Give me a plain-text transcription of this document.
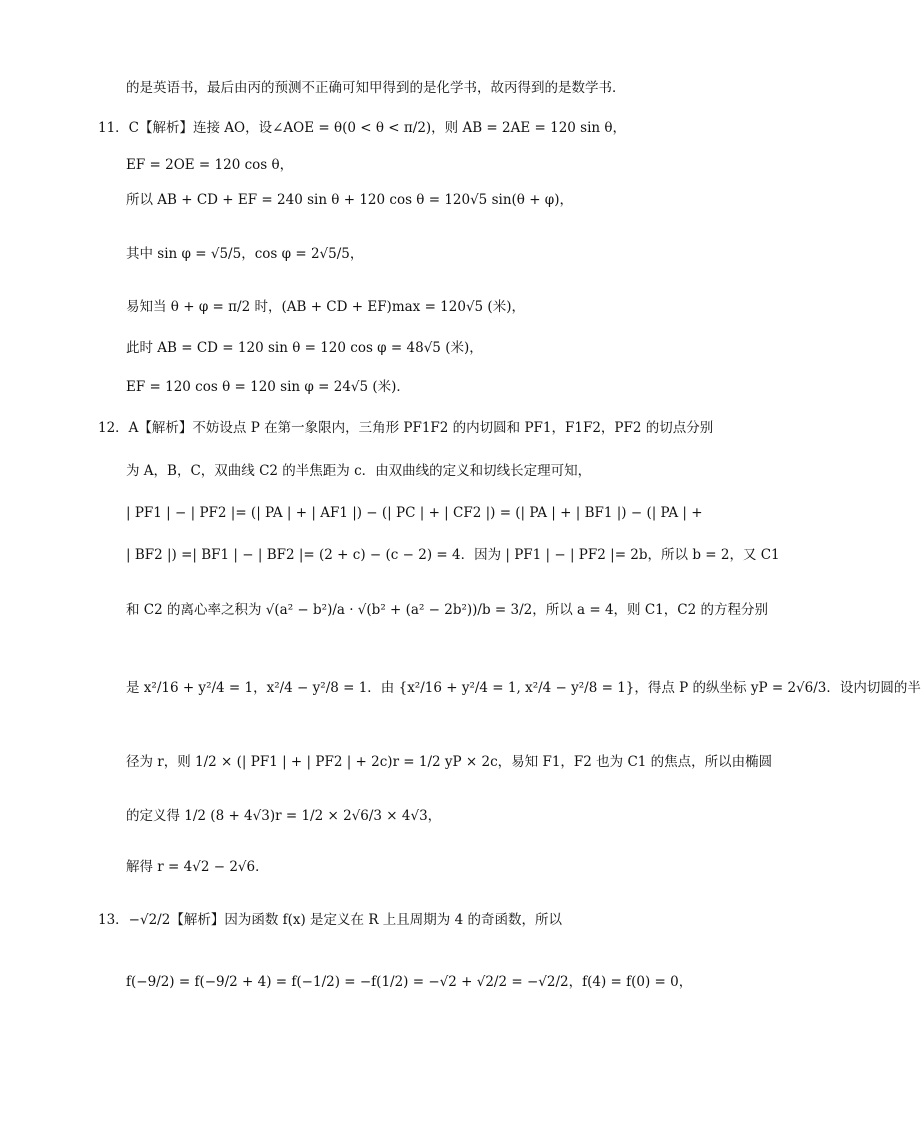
的是英语书，最后由丙的预测不正确可知甲得到的是化学书，故丙得到的是数学书．
11．C【解析】连接 AO，设∠AOE = θ(0 < θ < π/2)，则 AB = 2AE = 120 sin θ，
EF = 2OE = 120 cos θ，
所以 AB + CD + EF = 240 sin θ + 120 cos θ = 120√5 sin(θ + φ)，
其中 sin φ = √5/5，cos φ = 2√5/5，
易知当 θ + φ = π/2 时，(AB + CD + EF)max = 120√5 (米)，
此时 AB = CD = 120 sin θ = 120 cos φ = 48√5 (米)，
EF = 120 cos θ = 120 sin φ = 24√5 (米)．
12．A【解析】不妨设点 P 在第一象限内，三角形 PF1F2 的内切圆和 PF1，F1F2，PF2 的切点分别
为 A，B，C，双曲线 C2 的半焦距为 c．由双曲线的定义和切线长定理可知，
| PF1 | − | PF2 |= (| PA | + | AF1 |) − (| PC | + | CF2 |) = (| PA | + | BF1 |) − (| PA | +
| BF2 |) =| BF1 | − | BF2 |= (2 + c) − (c − 2) = 4．因为 | PF1 | − | PF2 |= 2b，所以 b = 2，又 C1
和 C2 的离心率之积为 √(a² − b²)/a · √(b² + (a² − 2b²))/b = 3/2，所以 a = 4，则 C1，C2 的方程分别
是 x²/16 + y²/4 = 1，x²/4 − y²/8 = 1．由 {x²/16 + y²/4 = 1, x²/4 − y²/8 = 1}，得点 P 的纵坐标 yP = 2√6/3．设内切圆的半
径为 r，则 1/2 × (| PF1 | + | PF2 | + 2c)r = 1/2 yP × 2c，易知 F1，F2 也为 C1 的焦点，所以由椭圆
的定义得 1/2 (8 + 4√3)r = 1/2 × 2√6/3 × 4√3，
解得 r = 4√2 − 2√6．
13．−√2/2【解析】因为函数 f(x) 是定义在 R 上且周期为 4 的奇函数，所以
f(−9/2) = f(−9/2 + 4) = f(−1/2) = −f(1/2) = −√2 + √2/2 = −√2/2，f(4) = f(0) = 0，
